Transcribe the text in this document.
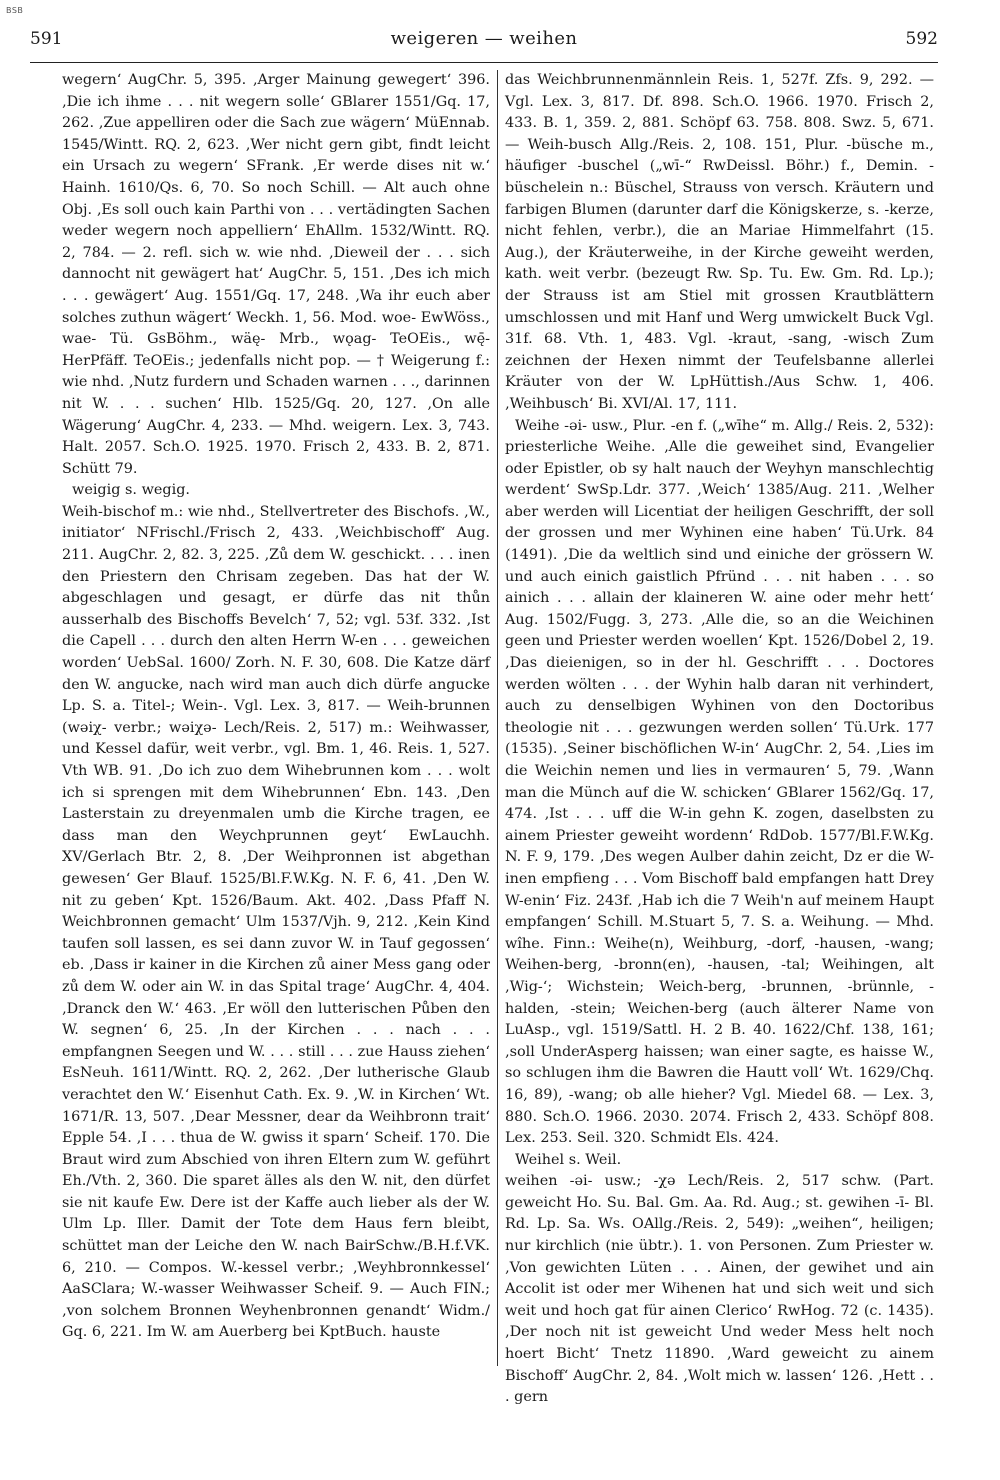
BSB
591	weigeren — weihen	592

wegern‘ AugChr. 5, 395. ‚Arger Mainung gewegert‘ 396. ‚Die ich ihme . . . nit wegern solle‘ GBlarer 1551/Gq. 17, 262. ‚Zue appelliren oder die Sach zue wägern‘ MüEnnab. 1545/Wintt. RQ. 2, 623. ‚Wer nicht gern gibt, findt leicht ein Ursach zu wegern‘ SFrank. ‚Er werde dises nit w.‘ Hainh. 1610/Qs. 6, 70. So noch Schill. — Alt auch ohne Obj. ‚Es soll ouch kain Parthi von . . . vertädingten Sachen weder wegern noch appelliern‘ EhAllm. 1532/Wintt. RQ. 2, 784. — 2. refl. sich w. wie nhd. ‚Dieweil der . . . sich dannocht nit gewägert hat‘ AugChr. 5, 151. ‚Des ich mich . . . gewägert‘ Aug. 1551/Gq. 17, 248. ‚Wa ihr euch aber solches zuthun wägert‘ Weckh. 1, 56. Mod. woe- EwWöss., wae- Tü. GsBöhm., wäę- Mrb., wǫag- TeOEis., wę̄- HerPfäff. TeOEis.; jedenfalls nicht pop. — † Weigerung f.: wie nhd. ‚Nutz furdern und Schaden warnen . . ., darinnen nit W. . . . suchen‘ Hlb. 1525/Gq. 20, 127. ‚On alle Wägerung‘ AugChr. 4, 233. — Mhd. weigern. Lex. 3, 743. Halt. 2057. Sch.O. 1925. 1970. Frisch 2, 433. B. 2, 871. Schütt 79.

weigig s. wegig.

Weih-bischof m.: wie nhd., Stellvertreter des Bischofs. ‚W., initiator‘ NFrischl./Frisch 2, 433. ‚Weichbischoff‘ Aug. 211. AugChr. 2, 82. 3, 225. ‚Zů dem W. geschickt. . . . inen den Priestern den Chrisam zegeben. Das hat der W. abgeschlagen und gesagt, er dürfe das nit thůn ausserhalb des Bischoffs Bevelch‘ 7, 52; vgl. 53f. 332. ‚Ist die Capell . . . durch den alten Herrn W-en . . . geweichen worden‘ UebSal. 1600/ Zorh. N. F. 30, 608. Die Katze därf den W. angucke, nach wird man auch dich dürfe angucke Lp. S. a. Titel-; Wein-. Vgl. Lex. 3, 817. — Weih-brunnen (wəiχ- verbr.; wəiχə- Lech/Reis. 2, 517) m.: Weihwasser, und Kessel dafür, weit verbr., vgl. Bm. 1, 46. Reis. 1, 527. Vth WB. 91. ‚Do ich zuo dem Wihebrunnen kom . . . wolt ich si sprengen mit dem Wihebrunnen‘ Ebn. 143. ‚Den Lasterstain zu dreyenmalen umb die Kirche tragen, ee dass man den Weychprunnen geyt‘ EwLauchh. XV/Gerlach Btr. 2, 8. ‚Der Weihpronnen ist abgethan gewesen‘ Ger Blauf. 1525/Bl.F.W.Kg. N. F. 6, 41. ‚Den W. nit zu geben‘ Kpt. 1526/Baum. Akt. 402. ‚Dass Pfaff N. Weichbronnen gemacht‘ Ulm 1537/Vjh. 9, 212. ‚Kein Kind taufen soll lassen, es sei dann zuvor W. in Tauf gegossen‘ eb. ‚Dass ir kainer in die Kirchen zů ainer Mess gang oder zů dem W. oder ain W. in das Spital trage‘ AugChr. 4, 404. ‚Dranck den W.‘ 463. ‚Er wöll den lutterischen Půben den W. segnen‘ 6, 25. ‚In der Kirchen . . . nach . . . empfangnen Seegen und W. . . . still . . . zue Hauss ziehen‘ EsNeuh. 1611/Wintt. RQ. 2, 262. ‚Der lutherische Glaub verachtet den W.‘ Eisenhut Cath. Ex. 9. ‚W. in Kirchen‘ Wt. 1671/R. 13, 507. ‚Dear Messner, dear da Weihbronn trait‘ Epple 54. ‚I . . . thua de W. gwiss it sparn‘ Scheif. 170. Die Braut wird zum Abschied von ihren Eltern zum W. geführt Eh./Vth. 2, 360. Die sparet älles als den W. nit, den dürfet sie nit kaufe Ew. Dere ist der Kaffe auch lieber als der W. Ulm Lp. Iller. Damit der Tote dem Haus fern bleibt, schüttet man der Leiche den W. nach BairSchw./B.H.f.VK. 6, 210. — Compos. W.-kessel verbr.; ‚Weyhbronnkessel‘ AaSClara; W.-wasser Weihwasser Scheif. 9. — Auch FIN.; ‚von solchem Bronnen Weyhenbronnen genandt‘ Widm./ Gq. 6, 221. Im W. am Auerberg bei KptBuch. hauste

das Weichbrunnenmännlein Reis. 1, 527f. Zfs. 9, 292. — Vgl. Lex. 3, 817. Df. 898. Sch.O. 1966. 1970. Frisch 2, 433. B. 1, 359. 2, 881. Schöpf 63. 758. 808. Swz. 5, 671. — Weih-busch Allg./Reis. 2, 108. 151, Plur. -büsche m., häufiger -buschel („wī-“ RwDeissl. Böhr.) f., Demin. -büschelein n.: Büschel, Strauss von versch. Kräutern und farbigen Blumen (darunter darf die Königskerze, s. -kerze, nicht fehlen, verbr.), die an Mariae Himmelfahrt (15. Aug.), der Kräuterweihe, in der Kirche geweiht werden, kath. weit verbr. (bezeugt Rw. Sp. Tu. Ew. Gm. Rd. Lp.); der Strauss ist am Stiel mit grossen Krautblättern umschlossen und mit Hanf und Werg umwickelt Buck Vgl. 31f. 68. Vth. 1, 483. Vgl. -kraut, -sang, -wisch Zum zeichnen der Hexen nimmt der Teufelsbanne allerlei Kräuter von der W. LpHüttish./Aus Schw. 1, 406. ‚Weihbusch‘ Bi. XVI/Al. 17, 111.

Weihe -əi- usw., Plur. -en f. („wīhe“ m. Allg./ Reis. 2, 532): priesterliche Weihe. ‚Alle die geweihet sind, Evangelier oder Epistler, ob sy halt nauch der Weyhyn manschlechtig werdent‘ SwSp.Ldr. 377. ‚Weich‘ 1385/Aug. 211. ‚Welher aber werden will Licentiat der heiligen Geschrifft, der soll der grossen und mer Wyhinen eine haben‘ Tü.Urk. 84 (1491). ‚Die da weltlich sind und einiche der grössern W. und auch einich gaistlich Pfründ . . . nit haben . . . so ainich . . . allain der klaineren W. aine oder mehr hett‘ Aug. 1502/Fugg. 3, 273. ‚Alle die, so an die Weichinen geen und Priester werden woellen‘ Kpt. 1526/Dobel 2, 19. ‚Das dieienigen, so in der hl. Geschrifft . . . Doctores werden wölten . . . der Wyhin halb daran nit verhindert, auch zu denselbigen Wyhinen von den Doctoribus theologie nit . . . gezwungen werden sollen‘ Tü.Urk. 177 (1535). ‚Seiner bischöflichen W-in‘ AugChr. 2, 54. ‚Lies im die Weichin nemen und lies in vermauren‘ 5, 79. ‚Wann man die Münch auf die W. schicken‘ GBlarer 1562/Gq. 17, 474. ‚Ist . . . uff die W-in gehn K. zogen, daselbsten zu ainem Priester geweiht wordenn‘ RdDob. 1577/Bl.F.W.Kg. N. F. 9, 179. ‚Des wegen Aulber dahin zeicht, Dz er die W-inen empfieng . . . Vom Bischoff bald empfangen hatt Drey W-enin‘ Fiz. 243f. ‚Hab ich die 7 Weih'n auf meinem Haupt empfangen‘ Schill. M.Stuart 5, 7. S. a. Weihung. — Mhd. wîhe. Finn.: Weihe(n), Weihburg, -dorf, -hausen, -wang; Weihen-berg, -bronn(en), -hausen, -tal; Weihingen, alt ‚Wig-‘; Wichstein; Weich-berg, -brunnen, -brünnle, -halden, -stein; Weichen-berg (auch älterer Name von LuAsp., vgl. 1519/Sattl. H. 2 B. 40. 1622/Chf. 138, 161; ‚soll UnderAsperg haissen; wan einer sagte, es haisse W., so schlugen ihm die Bawren die Hautt voll‘ Wt. 1629/Chq. 16, 89), -wang; ob alle hieher? Vgl. Miedel 68. — Lex. 3, 880. Sch.O. 1966. 2030. 2074. Frisch 2, 433. Schöpf 808. Lex. 253. Seil. 320. Schmidt Els. 424.

Weihel s. Weil.

weihen -əi- usw.; -χə Lech/Reis. 2, 517 schw. (Part. geweicht Ho. Su. Bal. Gm. Aa. Rd. Aug.; st. gewihen -ī- Bl. Rd. Lp. Sa. Ws. OAllg./Reis. 2, 549): „weihen“, heiligen; nur kirchlich (nie übtr.). 1. von Personen. Zum Priester w. ‚Von gewichten Lüten . . . Ainen, der gewihet und ain Accolit ist oder mer Wihenen hat und sich weit und sich weit und hoch gat für ainen Clerico‘ RwHog. 72 (c. 1435). ‚Der noch nit ist geweicht Und weder Mess helt noch hoert Bicht‘ Tnetz 11890. ‚Ward geweicht zu ainem Bischoff‘ AugChr. 2, 84. ‚Wolt mich w. lassen‘ 126. ‚Hett . . . gern
